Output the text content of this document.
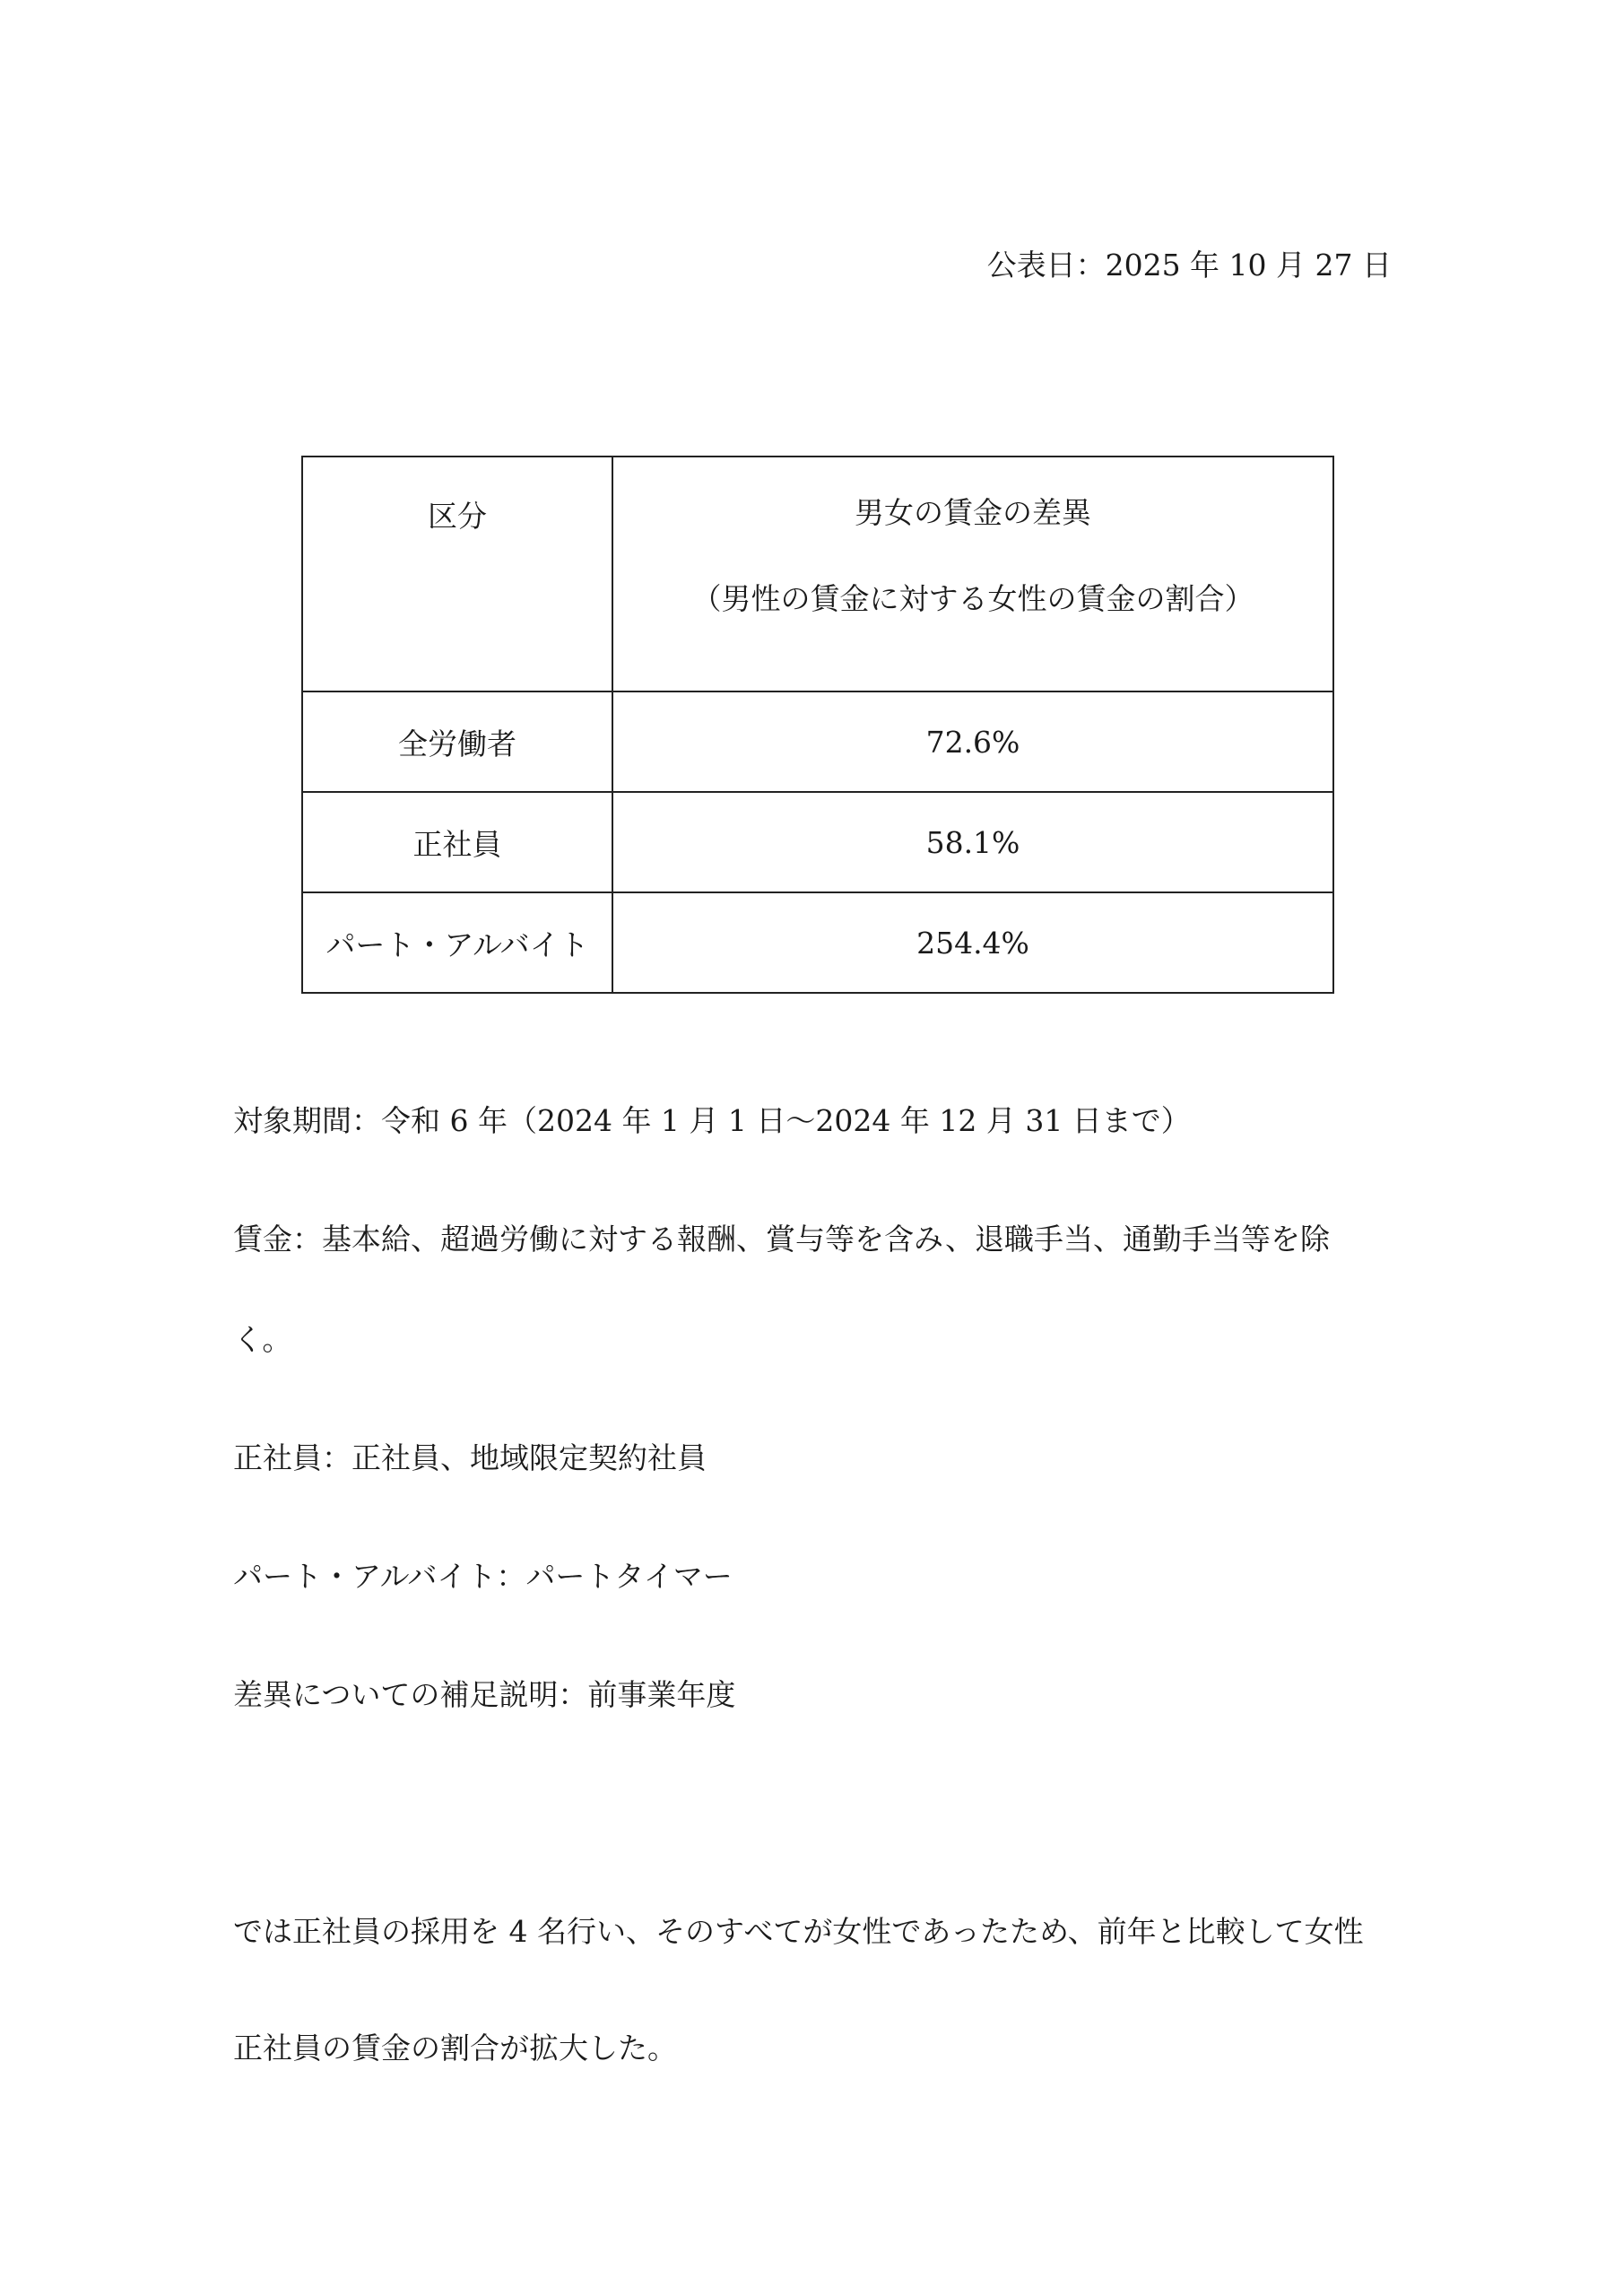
公表日：2025 年 10 月 27 日
区分	男女の賃金の差異
（男性の賃金に対する女性の賃金の割合）

全労働者	72.6%
正社員	58.1%
パート・アルバイト	254.4%
対象期間：令和 6 年（2024 年 1 月 1 日～2024 年 12 月 31 日まで）
賃金：基本給、超過労働に対する報酬、賞与等を含み、退職手当、通勤手当等を除
く。
正社員：正社員、地域限定契約社員
パート・アルバイト：パートタイマー
差異についての補足説明：前事業年度
では正社員の採用を 4 名行い、そのすべてが女性であったため、前年と比較して女性
正社員の賃金の割合が拡大した。
